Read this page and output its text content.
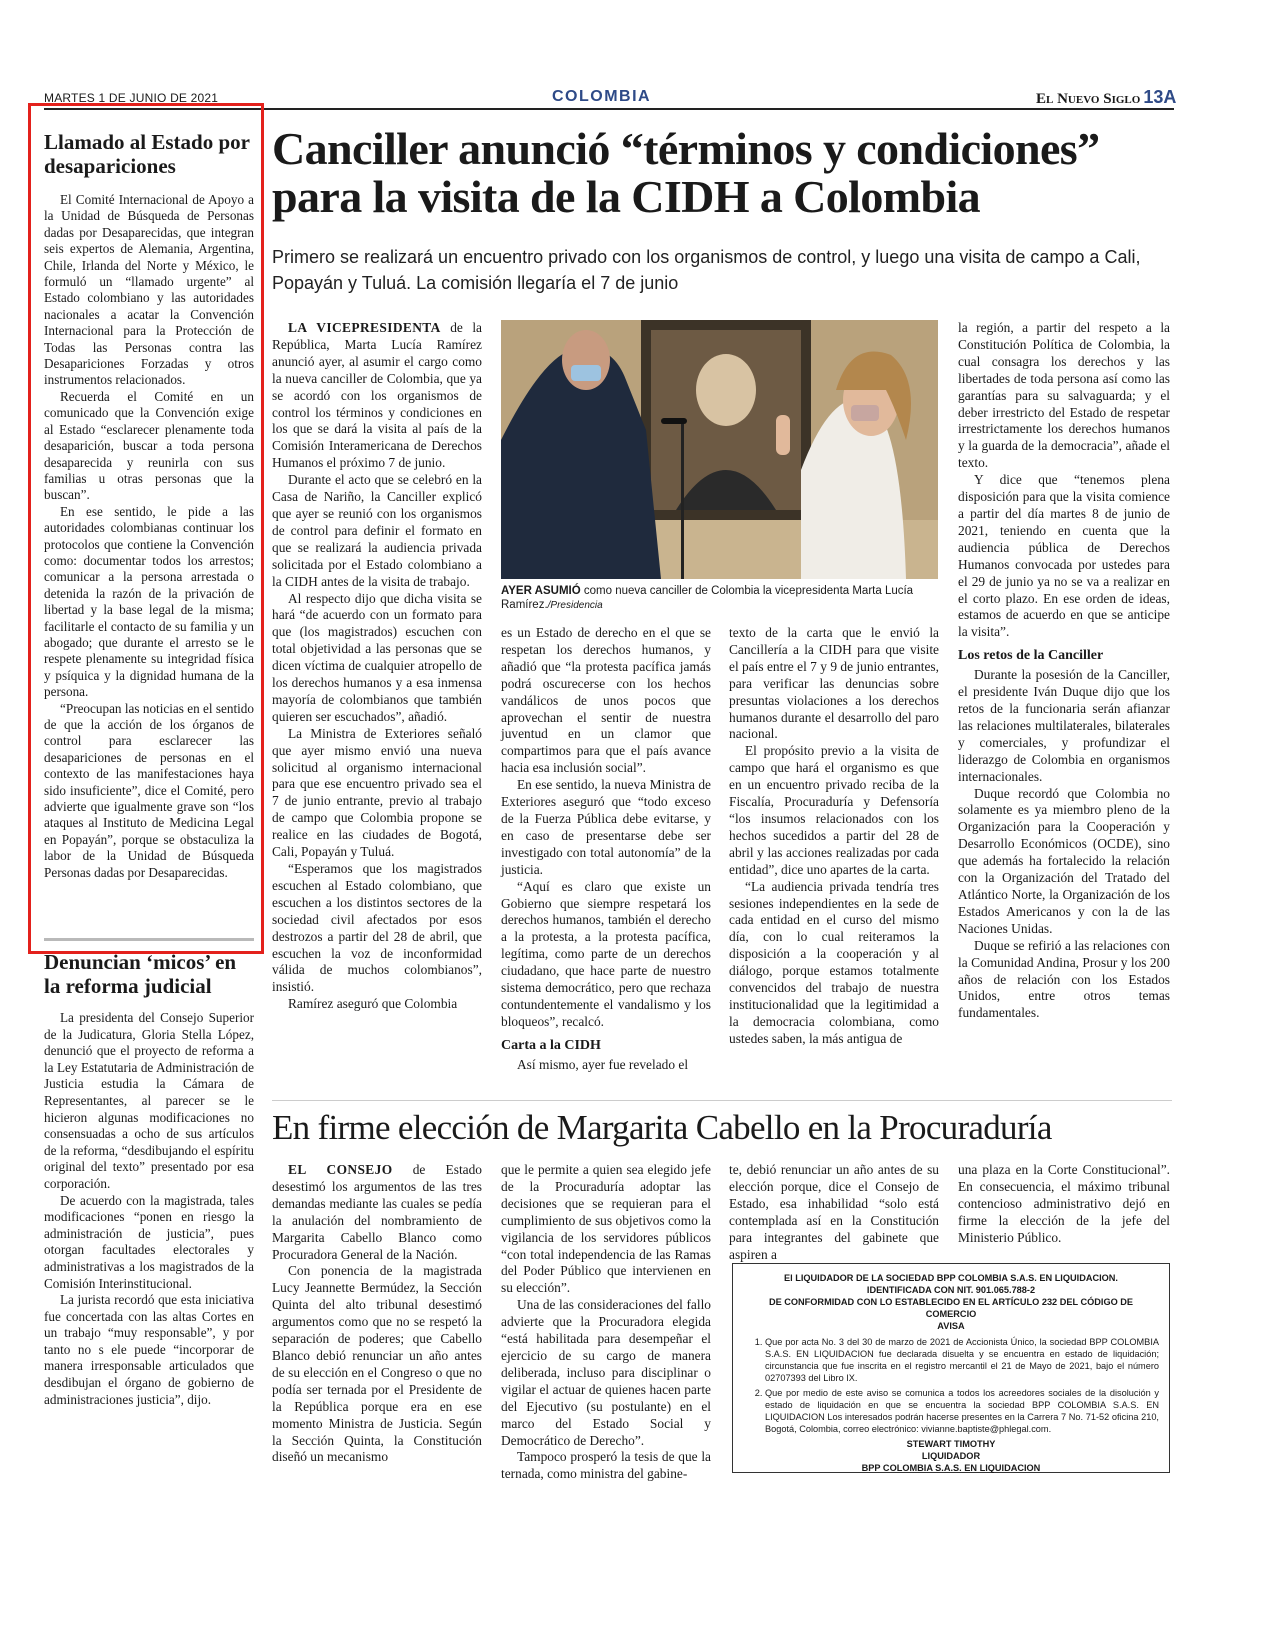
MARTES 1 DE JUNIO DE 2021	COLOMBIA	El Nuevo Siglo 13A
Llamado al Estado por desapariciones

El Comité Internacional de Apoyo a la Unidad de Búsqueda de Personas dadas por Desaparecidas, que integran seis expertos de Alemania, Argentina, Chile, Irlanda del Norte y México, le formuló un “llamado urgente” al Estado colombiano y las autoridades nacionales a acatar la Convención Internacional para la Protección de Todas las Personas contra las Desapariciones Forzadas y otros instrumentos relacionados.

Recuerda el Comité en un comunicado que la Convención exige al Estado “esclarecer plenamente toda desaparición, buscar a toda persona desaparecida y reunirla con sus familias u otras personas que la buscan”.

En ese sentido, le pide a las autoridades colombianas continuar los protocolos que contiene la Convención como: documentar todos los arrestos; comunicar a la persona arrestada o detenida la razón de la privación de libertad y la base legal de la misma; facilitarle el contacto de su familia y un abogado; que durante el arresto se le respete plenamente su integridad física y psíquica y la dignidad humana de la persona.

“Preocupan las noticias en el sentido de que la acción de los órganos de control para esclarecer las desapariciones de personas en el contexto de las manifestaciones haya sido insuficiente”, dice el Comité, pero advierte que igualmente grave son “los ataques al Instituto de Medicina Legal en Popayán”, porque se obstaculiza la labor de la Unidad de Búsqueda Personas dadas por Desaparecidas.

Denuncian ‘micos’ en la reforma judicial

La presidenta del Consejo Superior de la Judicatura, Gloria Stella López, denunció que el proyecto de reforma a la Ley Estatutaria de Administración de Justicia estudia la Cámara de Representantes, al parecer se le hicieron algunas modificaciones no consensuadas a ocho de sus artículos de la reforma, “desdibujando el espíritu original del texto” presentado por esa corporación.

De acuerdo con la magistrada, tales modificaciones “ponen en riesgo la administración de justicia”, pues otorgan facultades electorales y administrativas a los magistrados de la Comisión Interinstitucional.

La jurista recordó que esta iniciativa fue concertada con las altas Cortes en un trabajo “muy responsable”, y por tanto no s ele puede “incorporar de manera irresponsable articulados que desdibujan el órgano de gobierno de administraciones justicia”, dijo.

Canciller anunció “términos y condiciones” para la visita de la CIDH a Colombia
Primero se realizará un encuentro privado con los organismos de control, y luego una visita de campo a Cali, Popayán y Tuluá. La comisión llegaría el 7 de junio

LA VICEPRESIDENTA de la República, Marta Lucía Ramírez anunció ayer, al asumir el cargo como la nueva canciller de Colombia, que ya se acordó con los organismos de control los términos y condiciones en los que se dará la visita al país de la Comisión Interamericana de Derechos Humanos el próximo 7 de junio.

Durante el acto que se celebró en la Casa de Nariño, la Canciller explicó que ayer se reunió con los organismos de control para definir el formato en que se realizará la audiencia privada solicitada por el Estado colombiano a la CIDH antes de la visita de trabajo.

Al respecto dijo que dicha visita se hará “de acuerdo con un formato para que (los magistrados) escuchen con total objetividad a las personas que se dicen víctima de cualquier atropello de los derechos humanos y a esa inmensa mayoría de colombianos que también quieren ser escuchados”, añadió.

La Ministra de Exteriores señaló que ayer mismo envió una nueva solicitud al organismo internacional para que ese encuentro privado sea el 7 de junio entrante, previo al trabajo de campo que Colombia propone se realice en las ciudades de Bogotá, Cali, Popayán y Tuluá.

“Esperamos que los magistrados escuchen al Estado colombiano, que escuchen a los distintos sectores de la sociedad civil afectados por esos destrozos a partir del 28 de abril, que escuchen la voz de inconformidad válida de muchos colombianos”, insistió.

Ramírez aseguró que Colombia

AYER ASUMIÓ como nueva canciller de Colombia la vicepresidenta Marta Lucía Ramírez./Presidencia

es un Estado de derecho en el que se respetan los derechos humanos, y añadió que “la protesta pacífica jamás podrá oscurecerse con los hechos vandálicos de unos pocos que aprovechan el sentir de nuestra juventud en un clamor que compartimos para que el país avance hacia esa inclusión social”.

En ese sentido, la nueva Ministra de Exteriores aseguró que “todo exceso de la Fuerza Pública debe evitarse, y en caso de presentarse debe ser investigado con total autonomía” de la justicia.

“Aquí es claro que existe un Gobierno que siempre respetará los derechos humanos, también el derecho a la protesta, a la protesta pacífica, legítima, como parte de un derechos ciudadano, que hace parte de nuestro sistema democrático, pero que rechaza contundentemente el vandalismo y los bloqueos”, recalcó.

Carta a la CIDH

Así mismo, ayer fue revelado el

texto de la carta que le envió la Cancillería a la CIDH para que visite el país entre el 7 y 9 de junio entrantes, para verificar las denuncias sobre presuntas violaciones a los derechos humanos durante el desarrollo del paro nacional.

El propósito previo a la visita de campo que hará el organismo es que en un encuentro privado reciba de la Fiscalía, Procuraduría y Defensoría “los insumos relacionados con los hechos sucedidos a partir del 28 de abril y las acciones realizadas por cada entidad”, dice uno apartes de la carta.

“La audiencia privada tendría tres sesiones independientes en la sede de cada entidad en el curso del mismo día, con lo cual reiteramos la disposición a la cooperación y al diálogo, porque estamos totalmente convencidos del trabajo de nuestra institucionalidad que la legitimidad a la democracia colombiana, como ustedes saben, la más antigua de

la región, a partir del respeto a la Constitución Política de Colombia, la cual consagra los derechos y las libertades de toda persona así como las garantías para su salvaguarda; y el deber irrestricto del Estado de respetar irrestrictamente los derechos humanos y la guarda de la democracia”, añade el texto.

Y dice que “tenemos plena disposición para que la visita comience a partir del día martes 8 de junio de 2021, teniendo en cuenta que la audiencia pública de Derechos Humanos convocada por ustedes para el 29 de junio ya no se va a realizar en el corto plazo. En ese orden de ideas, estamos de acuerdo en que se anticipe la visita”.

Los retos de la Canciller

Durante la posesión de la Canciller, el presidente Iván Duque dijo que los retos de la funcionaria serán afianzar las relaciones multilaterales, bilaterales y comerciales, y profundizar el liderazgo de Colombia en organismos internacionales.

Duque recordó que Colombia no solamente es ya miembro pleno de la Organización para la Cooperación y Desarrollo Económicos (OCDE), sino que además ha fortalecido la relación con la Organización del Tratado del Atlántico Norte, la Organización de los Estados Americanos y con la de las Naciones Unidas.

Duque se refirió a las relaciones con la Comunidad Andina, Prosur y los 200 años de relación con los Estados Unidos, entre otros temas fundamentales.

En firme elección de Margarita Cabello en la Procuraduría

EL CONSEJO de Estado desestimó los argumentos de las tres demandas mediante las cuales se pedía la anulación del nombramiento de Margarita Cabello Blanco como Procuradora General de la Nación.

Con ponencia de la magistrada Lucy Jeannette Bermúdez, la Sección Quinta del alto tribunal desestimó argumentos como que no se respetó la separación de poderes; que Cabello Blanco debió renunciar un año antes de su elección en el Congreso o que no podía ser ternada por el Presidente de la República porque era en ese momento Ministra de Justicia. Según la Sección Quinta, la Constitución diseñó un mecanismo

que le permite a quien sea elegido jefe de la Procuraduría adoptar las decisiones que se requieran para el cumplimiento de sus objetivos como la vigilancia de los servidores públicos “con total independencia de las Ramas del Poder Público que intervienen en su elección”.

Una de las consideraciones del fallo advierte que la Procuradora elegida “está habilitada para desempeñar el ejercicio de su cargo de manera deliberada, incluso para disciplinar o vigilar el actuar de quienes hacen parte del Ejecutivo (su postulante) en el marco del Estado Social y Democrático de Derecho”.

Tampoco prosperó la tesis de que la ternada, como ministra del gabine-

te, debió renunciar un año antes de su elección porque, dice el Consejo de Estado, esa inhabilidad “solo está contemplada así en la Constitución para integrantes del gabinete que aspiren a

una plaza en la Corte Constitucional”. En consecuencia, el máximo tribunal contencioso administrativo dejó en firme la elección de la jefe del Ministerio Público.

El LIQUIDADOR DE LA SOCIEDAD BPP COLOMBIA S.A.S. EN LIQUIDACION.
IDENTIFICADA CON NIT. 901.065.788-2
DE CONFORMIDAD CON LO ESTABLECIDO EN EL ARTÍCULO 232 DEL CÓDIGO DE COMERCIO
AVISA
1. Que por acta No. 3 del 30 de marzo de 2021 de Accionista Único, la sociedad BPP COLOMBIA S.A.S. EN LIQUIDACION fue declarada disuelta y se encuentra en estado de liquidación; circunstancia que fue inscrita en el registro mercantil el 21 de Mayo de 2021, bajo el número 02707393 del Libro IX.
2. Que por medio de este aviso se comunica a todos los acreedores sociales de la disolución y estado de liquidación en que se encuentra la sociedad BPP COLOMBIA S.A.S. EN LIQUIDACION Los interesados podrán hacerse presentes en la Carrera 7 No. 71-52 oficina 210, Bogotá, Colombia, correo electrónico: vivianne.baptiste@phlegal.com.
STEWART TIMOTHY
LIQUIDADOR
BPP COLOMBIA S.A.S. EN LIQUIDACION
